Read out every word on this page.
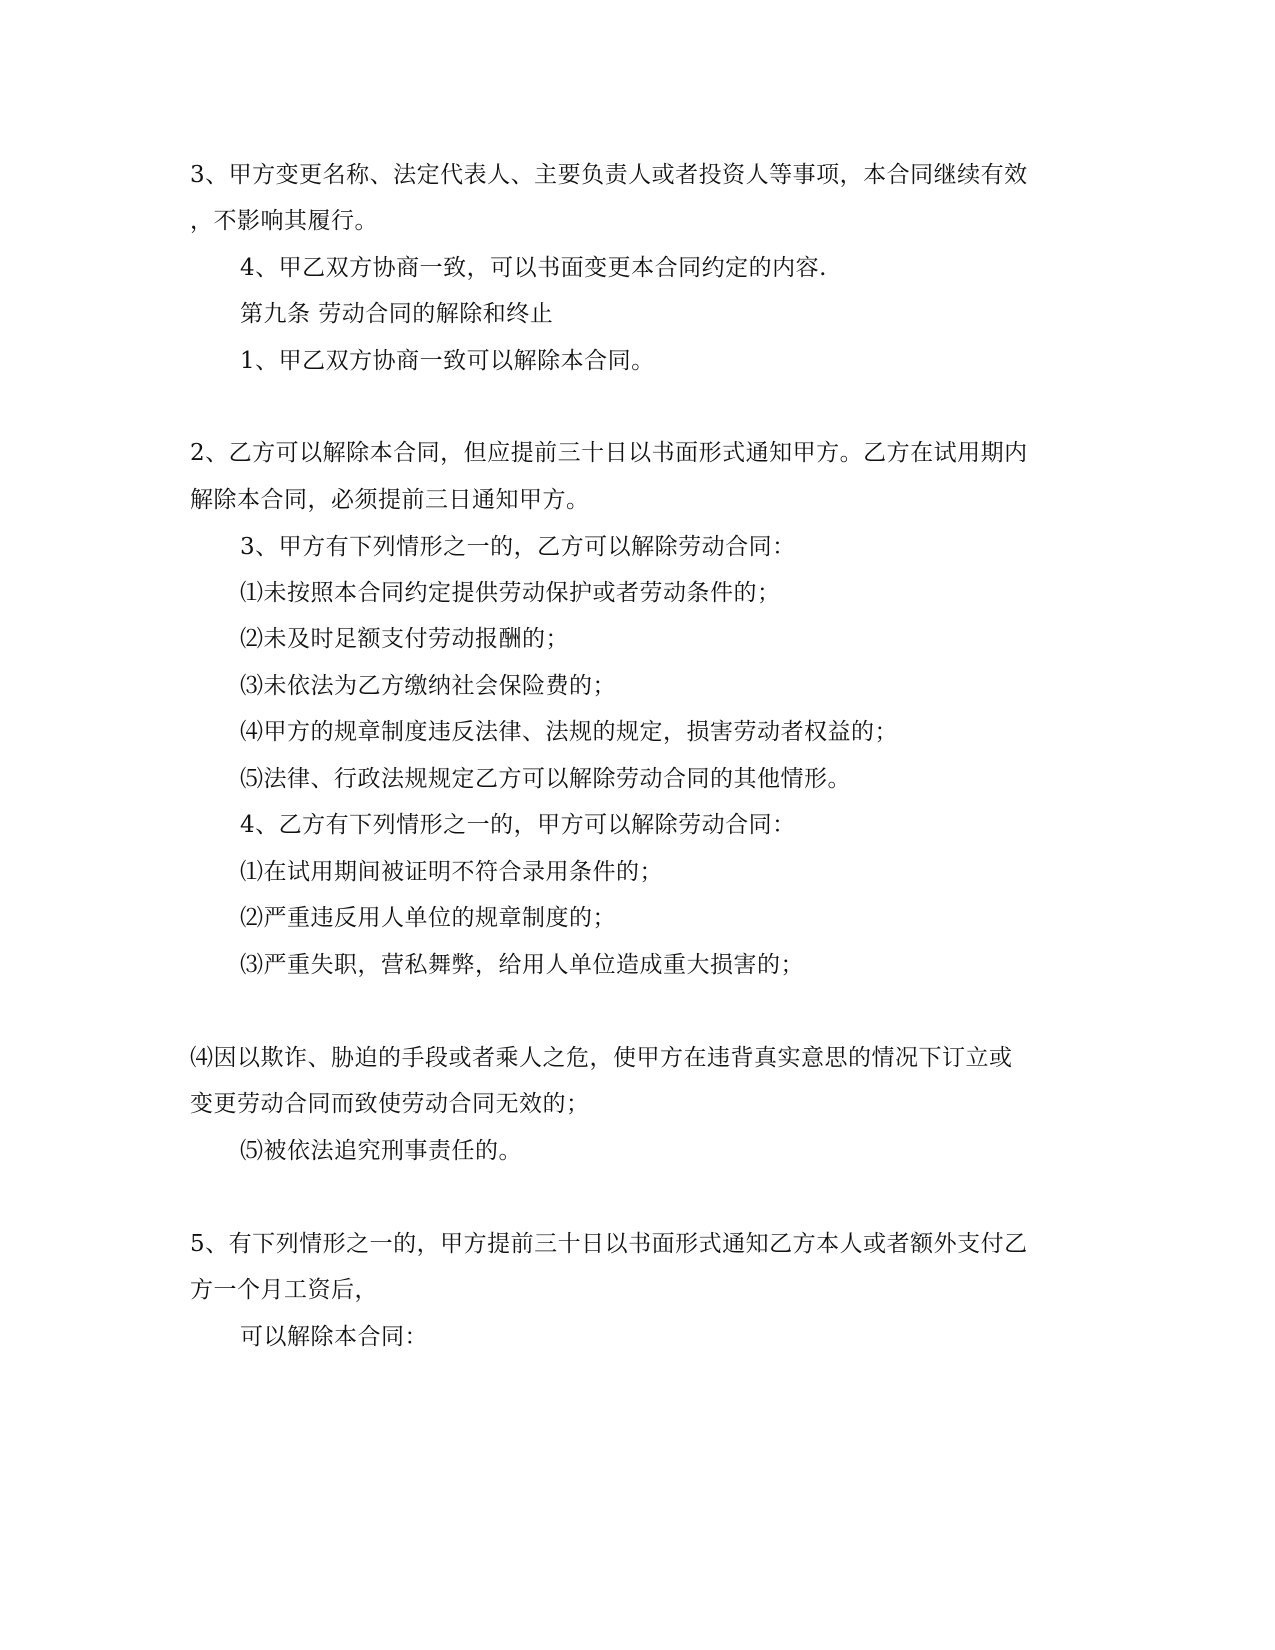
3、甲方变更名称、法定代表人、主要负责人或者投资人等事项，本合同继续有效
，不影响其履行。
4、甲乙双方协商一致，可以书面变更本合同约定的内容.
第九条 劳动合同的解除和终止
1、甲乙双方协商一致可以解除本合同。
2、乙方可以解除本合同，但应提前三十日以书面形式通知甲方。乙方在试用期内
解除本合同，必须提前三日通知甲方。
3、甲方有下列情形之一的，乙方可以解除劳动合同：
⑴未按照本合同约定提供劳动保护或者劳动条件的；
⑵未及时足额支付劳动报酬的；
⑶未依法为乙方缴纳社会保险费的；
⑷甲方的规章制度违反法律、法规的规定，损害劳动者权益的；
⑸法律、行政法规规定乙方可以解除劳动合同的其他情形。
4、乙方有下列情形之一的，甲方可以解除劳动合同：
⑴在试用期间被证明不符合录用条件的；
⑵严重违反用人单位的规章制度的；
⑶严重失职，营私舞弊，给用人单位造成重大损害的；
⑷因以欺诈、胁迫的手段或者乘人之危，使甲方在违背真实意思的情况下订立或
变更劳动合同而致使劳动合同无效的；
⑸被依法追究刑事责任的。
5、有下列情形之一的，甲方提前三十日以书面形式通知乙方本人或者额外支付乙
方一个月工资后，
可以解除本合同：
